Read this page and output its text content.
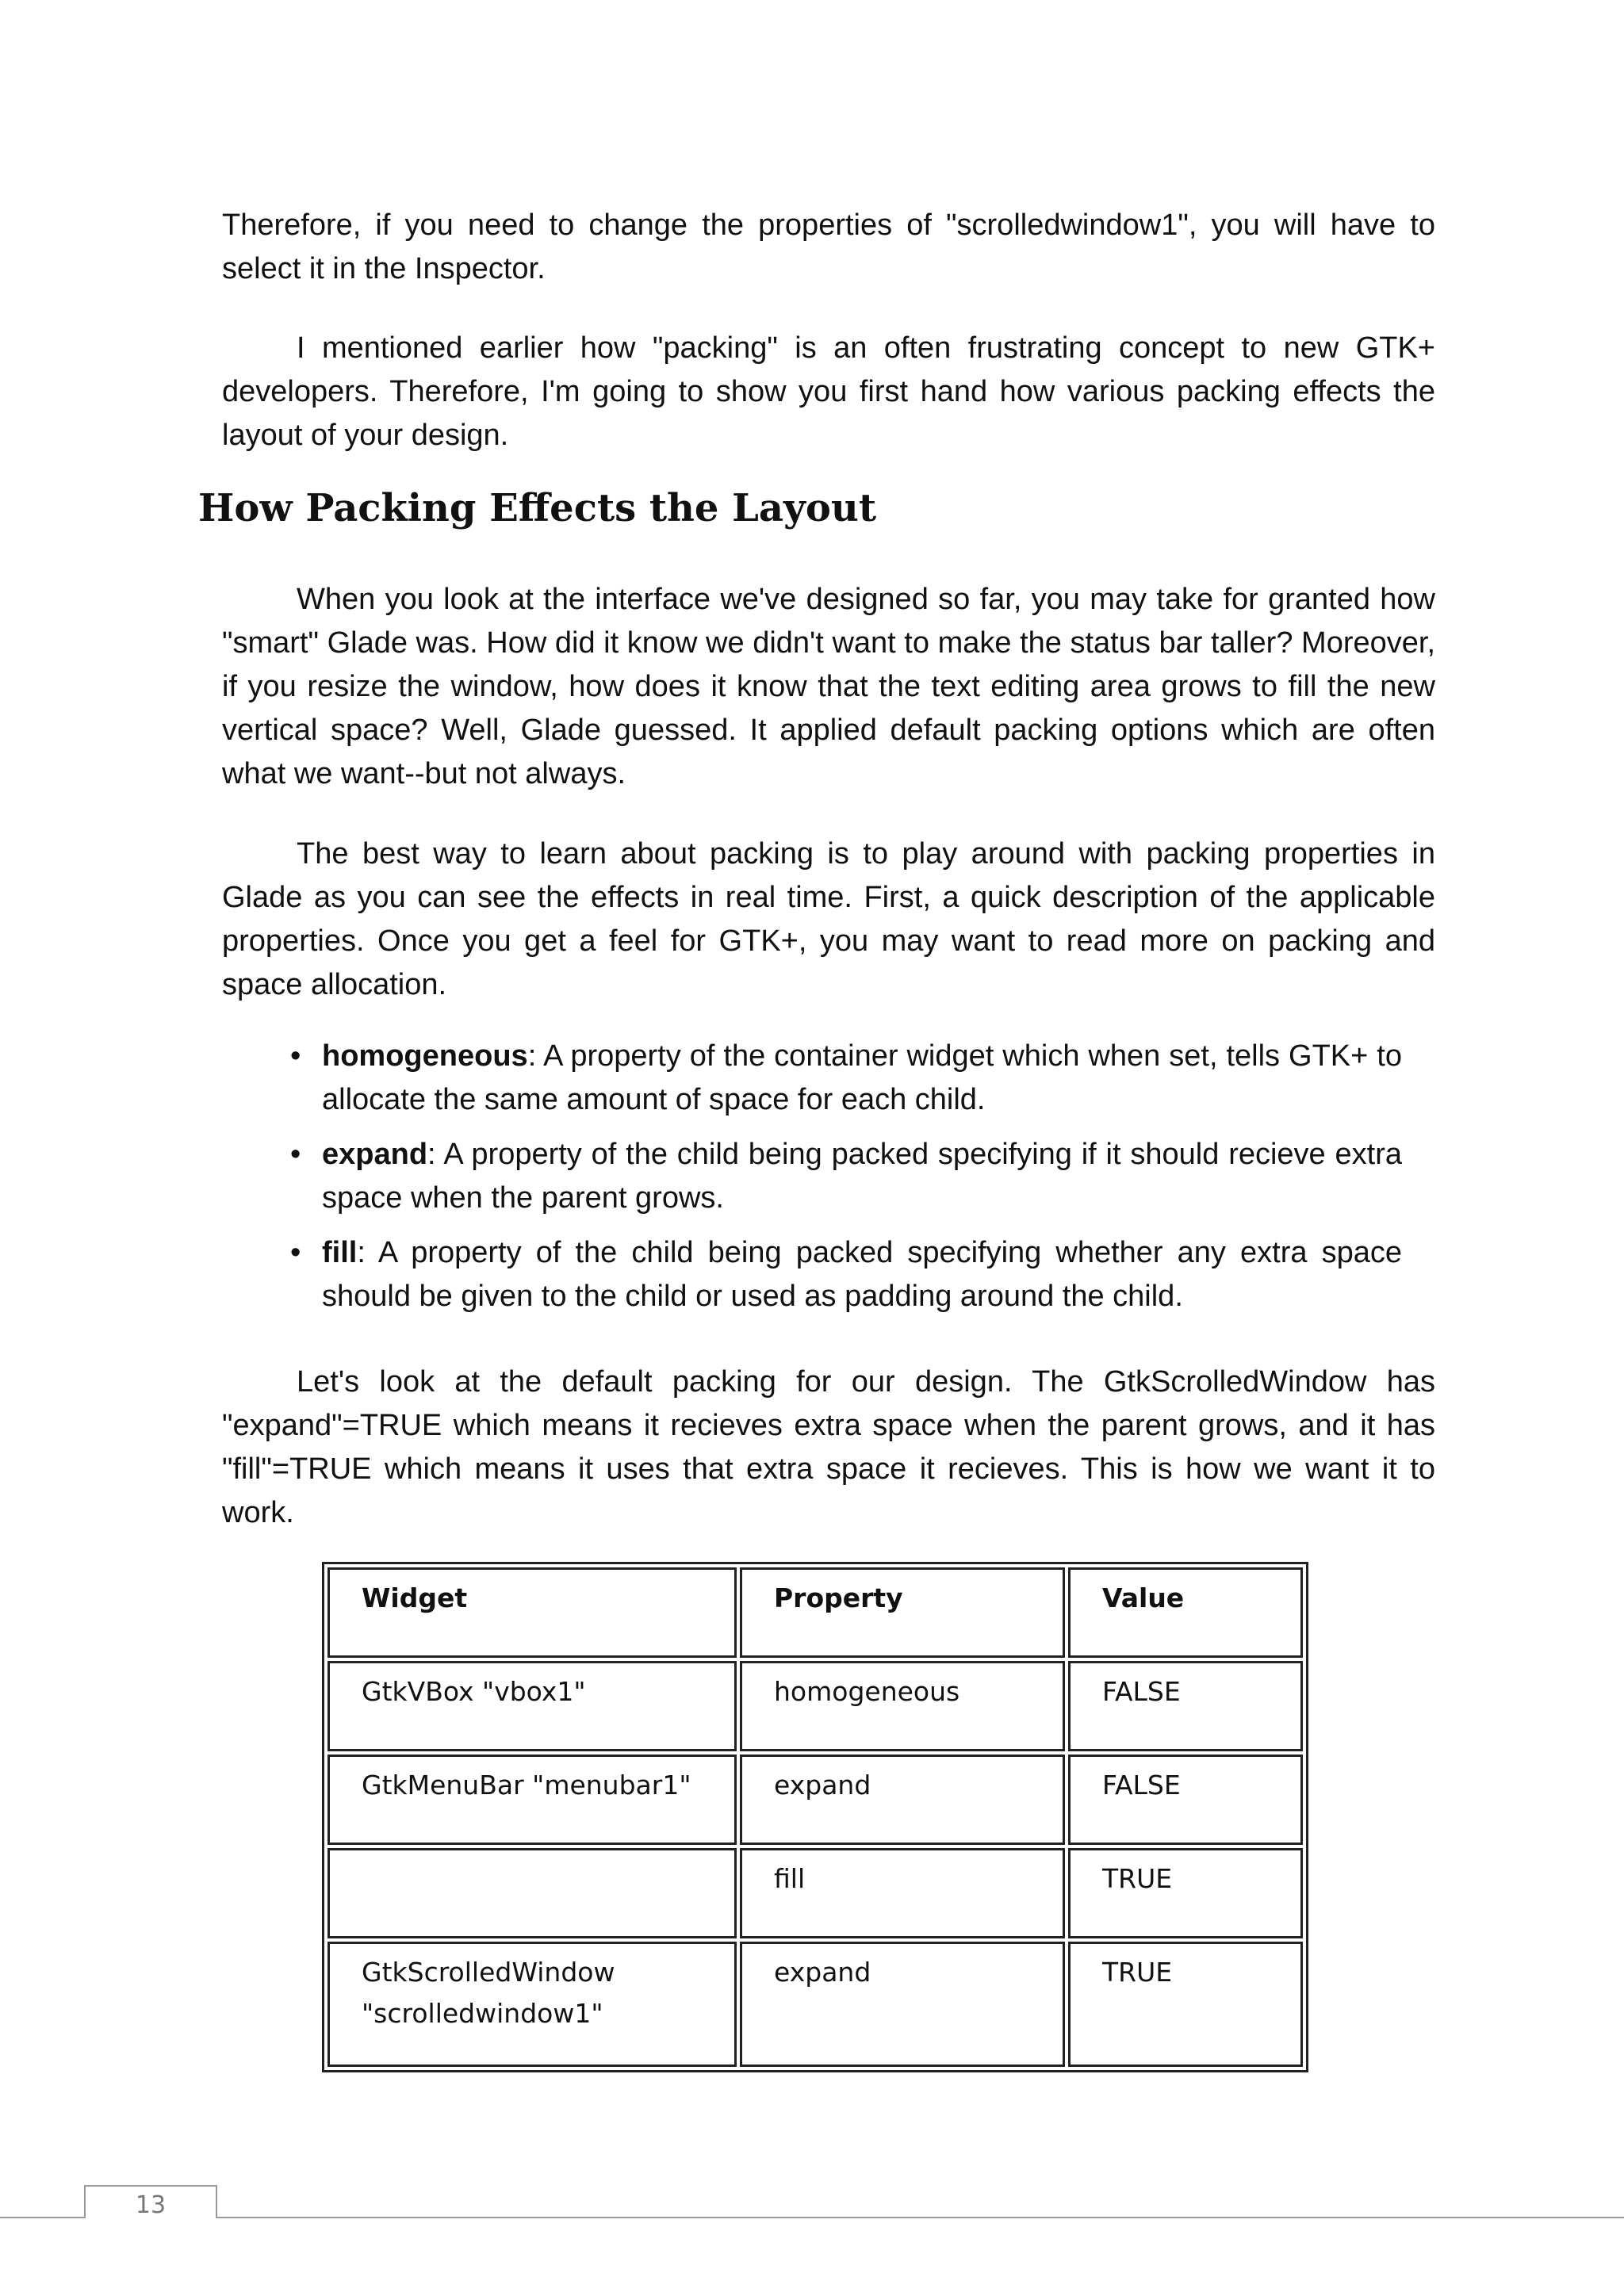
Therefore, if you need to change the properties of "scrolledwindow1", you will have to select it in the Inspector.

I mentioned earlier how "packing" is an often frustrating concept to new GTK+ developers. Therefore, I'm going to show you first hand how various packing effects the layout of your design.

How Packing Effects the Layout

When you look at the interface we've designed so far, you may take for granted how "smart" Glade was. How did it know we didn't want to make the status bar taller? Moreover, if you resize the window, how does it know that the text editing area grows to fill the new vertical space? Well, Glade guessed. It applied default packing options which are often what we want--but not always.

The best way to learn about packing is to play around with packing properties in Glade as you can see the effects in real time. First, a quick description of the applicable properties. Once you get a feel for GTK+, you may want to read more on packing and space allocation.

• homogeneous: A property of the container widget which when set, tells GTK+ to allocate the same amount of space for each child.
• expand: A property of the child being packed specifying if it should recieve extra space when the parent grows.
• fill: A property of the child being packed specifying whether any extra space should be given to the child or used as padding around the child.

Let's look at the default packing for our design. The GtkScrolledWindow has "expand"=TRUE which means it recieves extra space when the parent grows, and it has "fill"=TRUE which means it uses that extra space it recieves. This is how we want it to work.

Widget	Property	Value
GtkVBox "vbox1"	homogeneous	FALSE
GtkMenuBar "menubar1"	expand	FALSE
	fill	TRUE
GtkScrolledWindow "scrolledwindow1"	expand	TRUE
13
